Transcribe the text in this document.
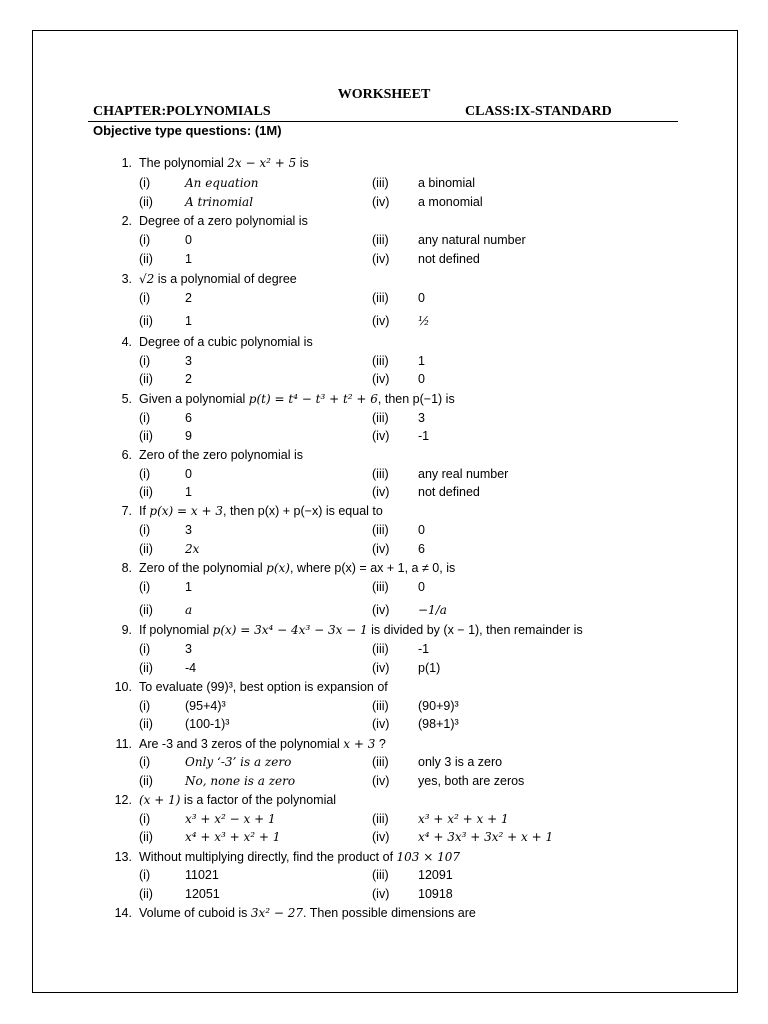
WORKSHEET
CHAPTER:POLYNOMIALS	CLASS:IX-STANDARD
Objective type questions: (1M)
1. The polynomial 2x − x² + 5 is
(i)	An equation	(iii) a binomial
(ii)	A trinomial	(iv) a monomial
2. Degree of a zero polynomial is
(i)	0	(iii) any natural number
(ii)	1	(iv) not defined
3. √2 is a polynomial of degree
(i)	2	(iii) 0
(ii)	1	(iv) ½
4. Degree of a cubic polynomial is
(i)	3	(iii) 1
(ii)	2	(iv) 0
5. Given a polynomial p(t) = t⁴ − t³ + t² + 6, then p(−1) is
(i)	6	(iii) 3
(ii)	9	(iv) -1
6. Zero of the zero polynomial is
(i)	0	(iii) any real number
(ii)	1	(iv) not defined
7. If p(x) = x + 3, then p(x) + p(−x) is equal to
(i)	3	(iii) 0
(ii)	2x	(iv) 6
8. Zero of the polynomial p(x), where p(x) = ax + 1, a ≠ 0, is
(i)	1	(iii) 0
(ii)	a	(iv) −1/a
9. If polynomial p(x) = 3x⁴ − 4x³ − 3x − 1 is divided by (x − 1), then remainder is
(i)	3	(iii) -1
(ii)	-4	(iv) p(1)
10. To evaluate (99)³, best option is expansion of
(i)	(95+4)³	(iii) (90+9)³
(ii)	(100-1)³	(iv) (98+1)³
11. Are -3 and 3 zeros of the polynomial x + 3 ?
(i)	Only ‘-3’ is a zero	(iii) only 3 is a zero
(ii)	No, none is a zero	(iv) yes, both are zeros
12. (x + 1) is a factor of the polynomial
(i)	x³ + x² − x + 1	(iii) x³ + x² + x + 1
(ii)	x⁴ + x³ + x² + 1	(iv) x⁴ + 3x³ + 3x² + x + 1
13. Without multiplying directly, find the product of 103 × 107
(i)	11021	(iii) 12091
(ii)	12051	(iv) 10918
14. Volume of cuboid is 3x² − 27. Then possible dimensions are
